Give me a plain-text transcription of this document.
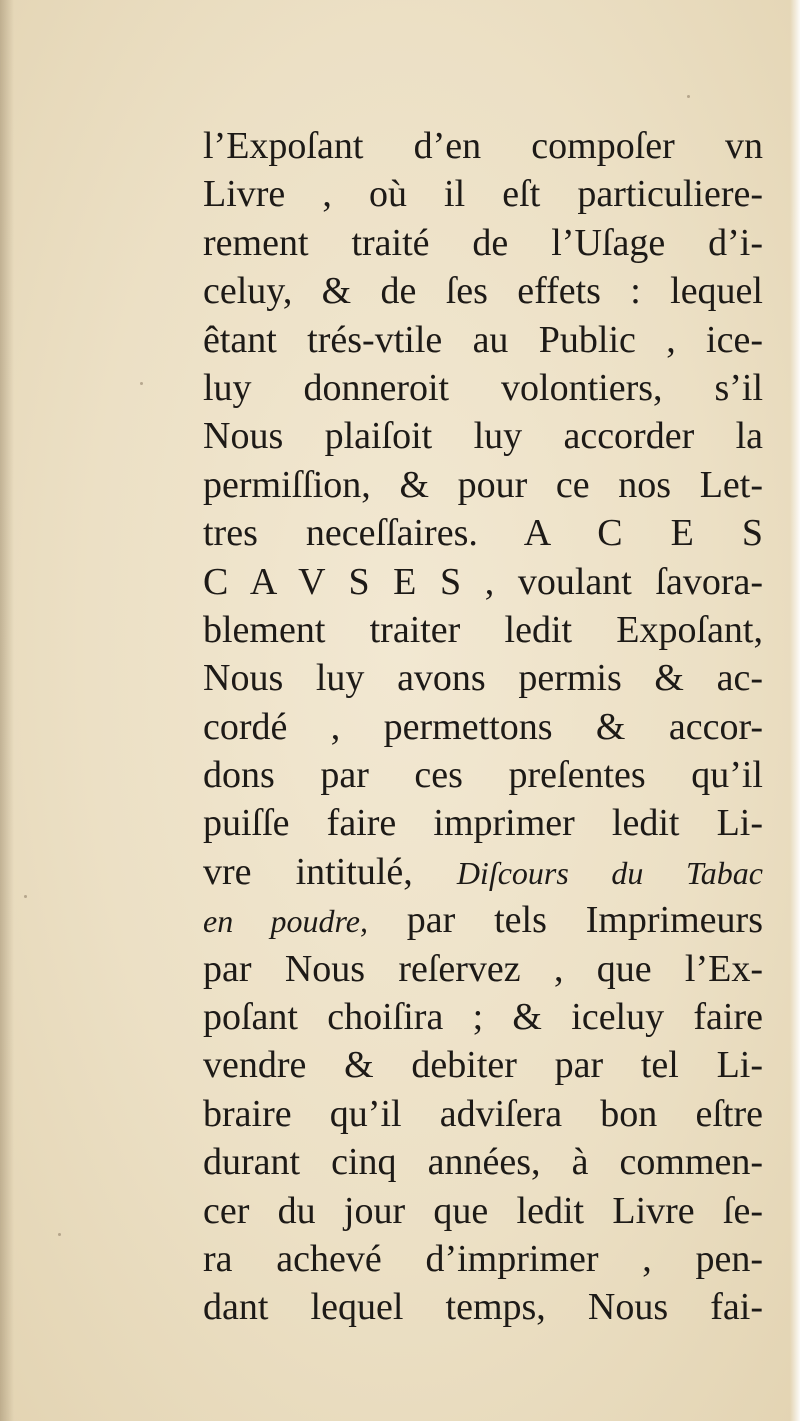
l’Expoſant d’en compoſer vn
Livre , où il eſt particuliere-
rement traité de l’Uſage d’i-
celuy, & de ſes effets : lequel
êtant trés-vtile au Public , ice-
luy donneroit volontiers, s’il
Nous plaiſoit luy accorder la
permiſſion, & pour ce nos Let-
tres neceſſaires. A C E S
C A V S E S , voulant ſavora-
blement traiter ledit Expoſant,
Nous luy avons permis & ac-
cordé , permettons & accor-
dons par ces preſentes qu’il
puiſſe faire imprimer ledit Li-
vre intitulé, Diſcours du Tabac
en poudre, par tels Imprimeurs
par Nous reſervez , que l’Ex-
poſant choiſira ; & iceluy faire
vendre & debiter par tel Li-
braire qu’il adviſera bon eſtre
durant cinq années, à commen-
cer du jour que ledit Livre ſe-
ra achevé d’imprimer , pen-
dant lequel temps, Nous fai-
